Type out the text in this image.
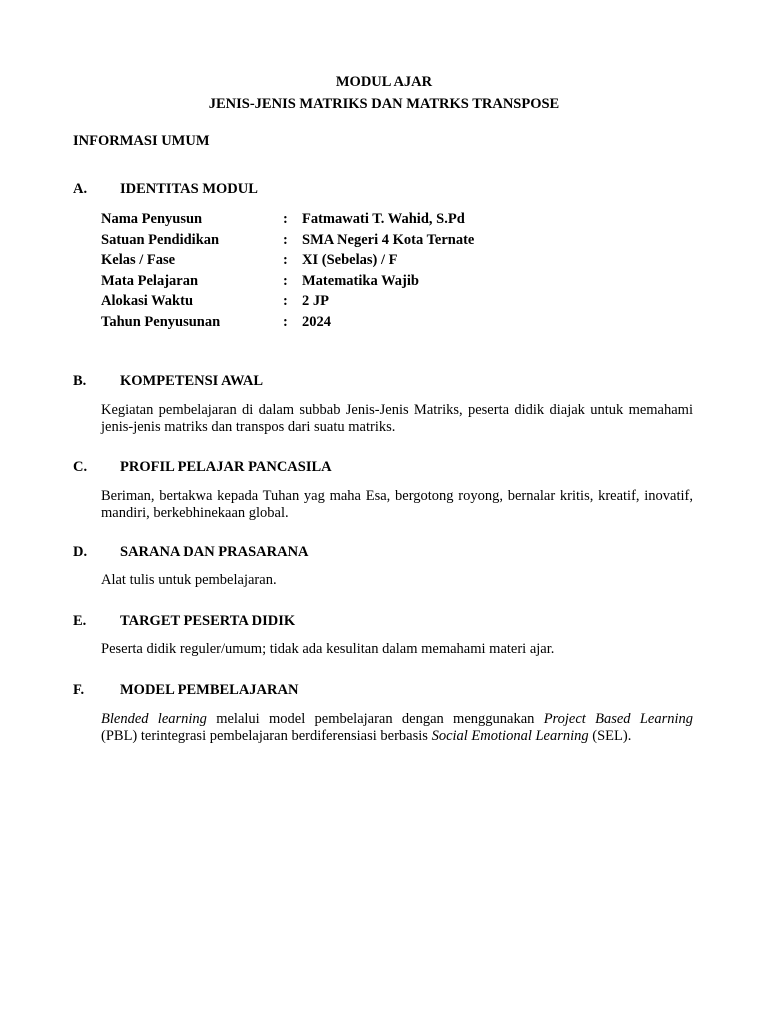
MODUL AJAR
JENIS-JENIS MATRIKS DAN MATRKS TRANSPOSE
INFORMASI UMUM
A. IDENTITAS MODUL
Nama Penyusun	: Fatmawati T. Wahid, S.Pd
Satuan Pendidikan	: SMA Negeri 4 Kota Ternate
Kelas / Fase	: XI (Sebelas) / F
Mata Pelajaran	: Matematika Wajib
Alokasi Waktu	: 2 JP
Tahun Penyusunan	: 2024
B. KOMPETENSI AWAL
Kegiatan pembelajaran di dalam subbab Jenis-Jenis Matriks, peserta didik diajak untuk memahami jenis-jenis matriks dan transpos dari suatu matriks.
C. PROFIL PELAJAR PANCASILA
Beriman, bertakwa kepada Tuhan yag maha Esa, bergotong royong, bernalar kritis, kreatif, inovatif, mandiri, berkebhinekaan global.
D. SARANA DAN PRASARANA
Alat tulis untuk pembelajaran.
E. TARGET PESERTA DIDIK
Peserta didik reguler/umum; tidak ada kesulitan dalam memahami materi ajar.
F. MODEL PEMBELAJARAN
Blended learning melalui model pembelajaran dengan menggunakan Project Based Learning
(PBL) terintegrasi pembelajaran berdiferensiasi berbasis Social Emotional Learning (SEL).
